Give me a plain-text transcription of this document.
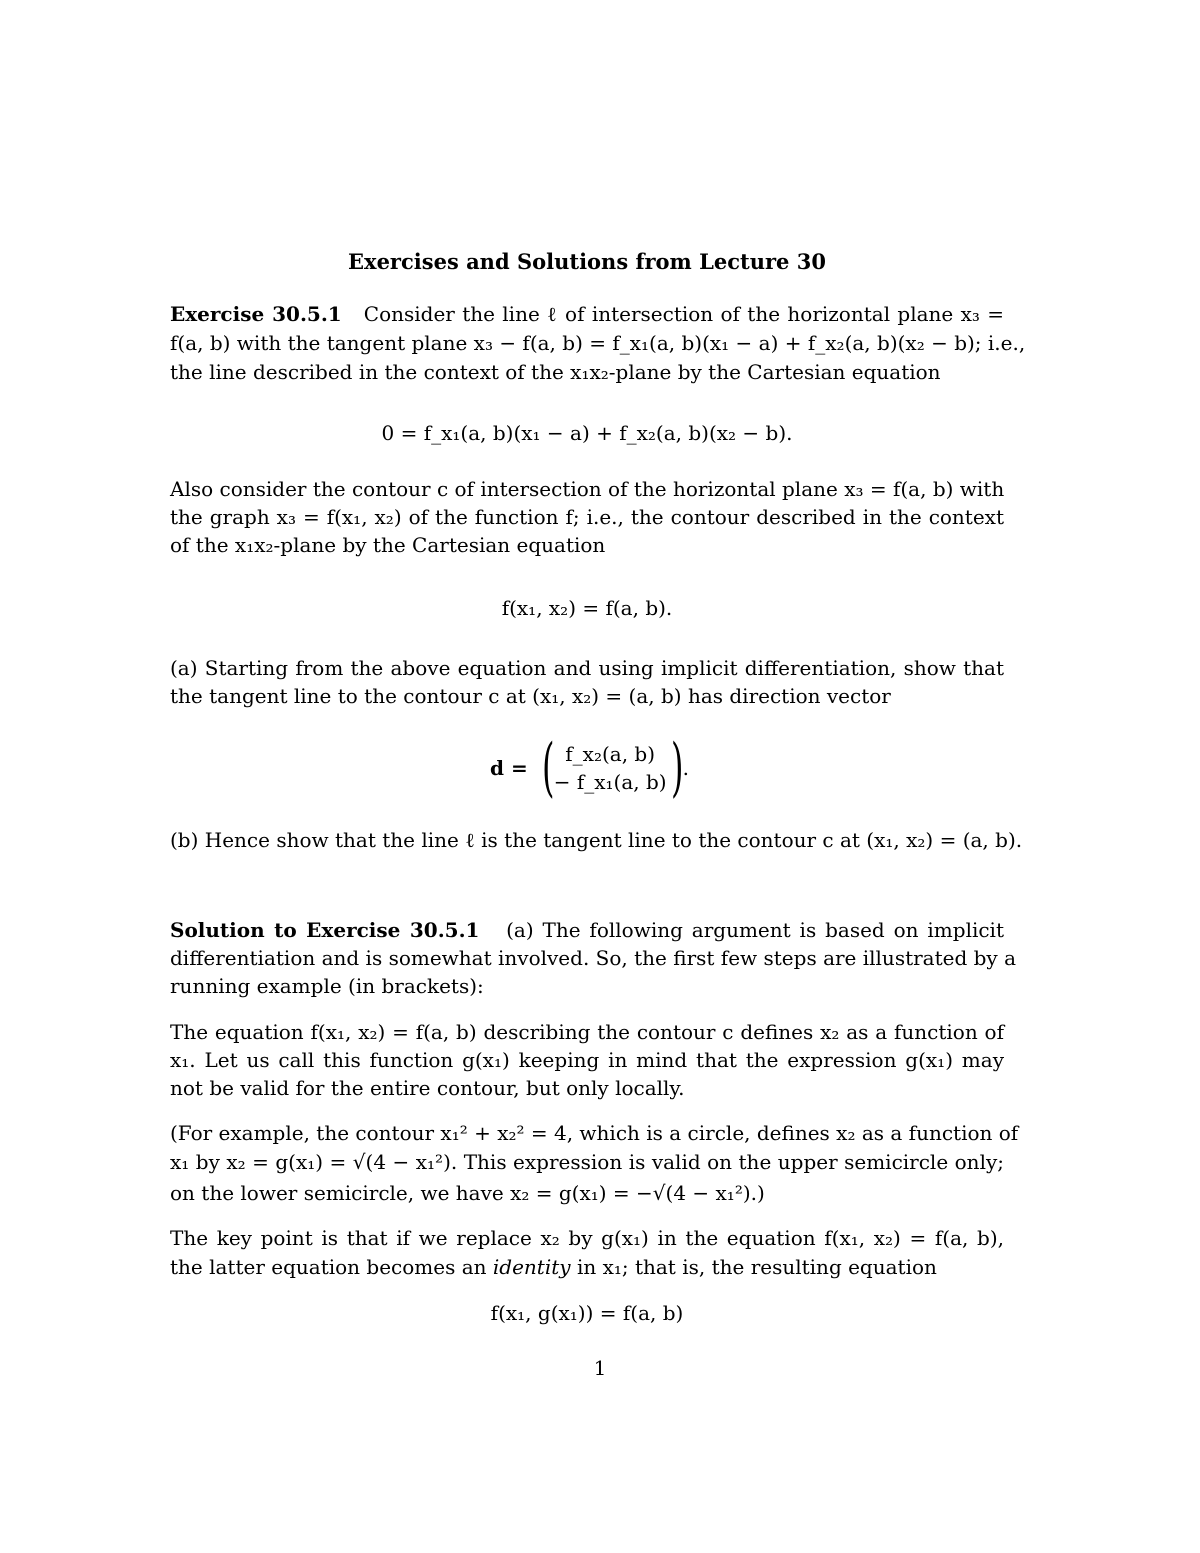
Exercises and Solutions from Lecture 30
Exercise 30.5.1 Consider the line ℓ of intersection of the horizontal plane x₃ =
f(a, b) with the tangent plane x₃ − f(a, b) = f_x₁(a, b)(x₁ − a) + f_x₂(a, b)(x₂ − b); i.e.,
the line described in the context of the x₁x₂-plane by the Cartesian equation
0 = f_x₁(a, b)(x₁ − a) + f_x₂(a, b)(x₂ − b).
Also consider the contour c of intersection of the horizontal plane x₃ = f(a, b) with
the graph x₃ = f(x₁, x₂) of the function f; i.e., the contour described in the context
of the x₁x₂-plane by the Cartesian equation
f(x₁, x₂) = f(a, b).
(a) Starting from the above equation and using implicit differentiation, show that
the tangent line to the contour c at (x₁, x₂) = (a, b) has direction vector
d = ( f_x₂(a, b)
− f_x₁(a, b) ) .
(b) Hence show that the line ℓ is the tangent line to the contour c at (x₁, x₂) = (a, b).
Solution to Exercise 30.5.1 (a) The following argument is based on implicit
differentiation and is somewhat involved. So, the first few steps are illustrated by a
running example (in brackets):
The equation f(x₁, x₂) = f(a, b) describing the contour c defines x₂ as a function of
x₁. Let us call this function g(x₁) keeping in mind that the expression g(x₁) may
not be valid for the entire contour, but only locally.
(For example, the contour x₁² + x₂² = 4, which is a circle, defines x₂ as a function of
x₁ by x₂ = g(x₁) = √(4 − x₁²). This expression is valid on the upper semicircle only;
on the lower semicircle, we have x₂ = g(x₁) = −√(4 − x₁²).)
The key point is that if we replace x₂ by g(x₁) in the equation f(x₁, x₂) = f(a, b),
the latter equation becomes an identity in x₁; that is, the resulting equation
f(x₁, g(x₁)) = f(a, b)
1
